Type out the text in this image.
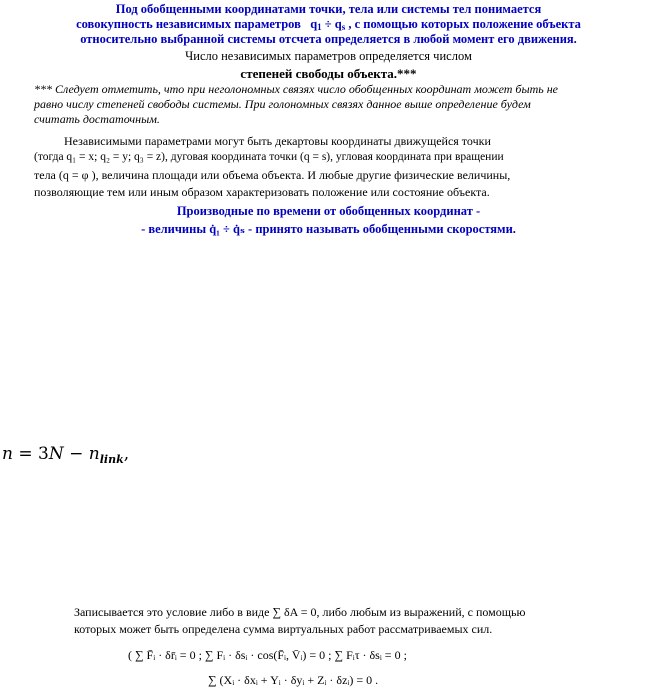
Под обобщенными координатами точки, тела или системы тел понимается
совокупность независимых параметров $q_1 \div q_s$ , с помощью которых положение объекта
относительно выбранной системы отсчета определяется в любой момент его движения.
Число независимых параметров определяется числом
степеней свободы объекта.***
*** Следует отметить, что при неголономных связях число обобщенных координат может быть не
равно числу степеней свободы системы. При голономных связях данное выше определение будем
считать достаточным.
Независимыми параметрами могут быть декартовы координаты движущейся точки
(тогда q₁ = x; q₂ = y; q₃ = z), дуговая координата точки (q = s), угловая координата при вращении
тела (q = φ ), величина площади или объема объекта. И любые другие физические величины,
позволяющие тем или иным образом характеризовать положение или состояние объекта.
Производные по времени от обобщенных координат -
- величины q̇₁ ÷ q̇ₛ - принято называть обобщенными скоростями.
$n = 3N - n_{link}$,
Записывается это условие либо в виде ∑ δA = 0, либо любым из выражений, с помощью
которых может быть определена сумма виртуальных работ рассматриваемых сил.
( ∑ F̄ᵢ · δr̄ᵢ = 0 ; ∑ Fᵢ · δsᵢ · cos(F̄ᵢ, V̄ᵢ) = 0 ; ∑ Fᵢτ · δsᵢ = 0 ;
∑ (Xᵢ · δxᵢ + Yᵢ · δyᵢ + Zᵢ · δzᵢ) = 0 .
